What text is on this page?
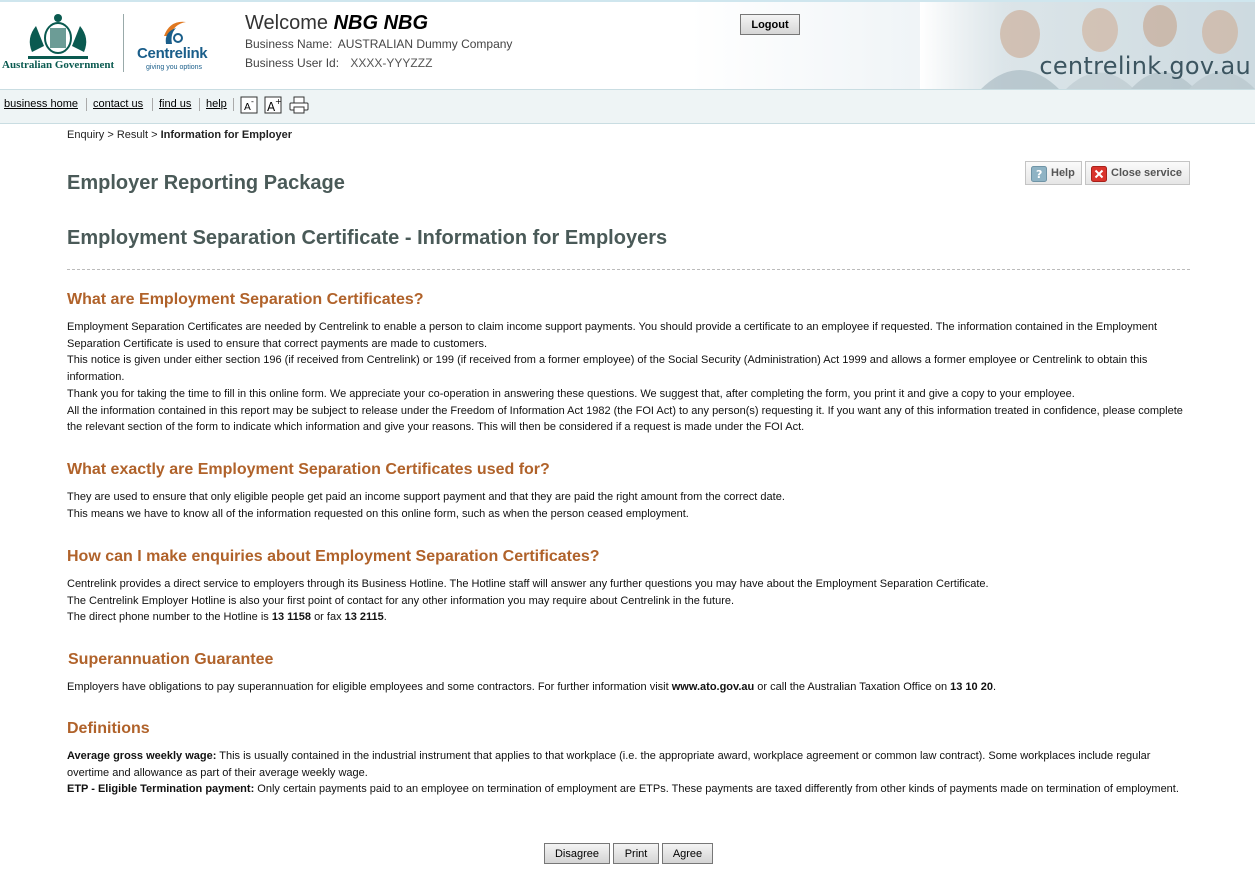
Australian Government
Centrelink
giving you options
Welcome NBG NBG
Business Name: AUSTRALIAN Dummy Company
Business User Id: XXXX-YYYZZZ
Logout
centrelink.gov.au
business home contact us find us help A
- A +
Enquiry > Result > Information for Employer
? Help	Close service
Employer Reporting Package
Employment Separation Certificate - Information for Employers
What are Employment Separation Certificates?

Employment Separation Certificates are needed by Centrelink to enable a person to claim income support payments. You should provide a certificate to an employee if requested. The information contained in the Employment Separation Certificate is used to ensure that correct payments are made to customers.

This notice is given under either section 196 (if received from Centrelink) or 199 (if received from a former employee) of the Social Security (Administration) Act 1999 and allows a former employee or Centrelink to obtain this information.

Thank you for taking the time to fill in this online form. We appreciate your co-operation in answering these questions. We suggest that, after completing the form, you print it and give a copy to your employee.

All the information contained in this report may be subject to release under the Freedom of Information Act 1982 (the FOI Act) to any person(s) requesting it. If you want any of this information treated in confidence, please complete the relevant section of the form to indicate which information and give your reasons. This will then be considered if a request is made under the FOI Act.

What exactly are Employment Separation Certificates used for?

They are used to ensure that only eligible people get paid an income support payment and that they are paid the right amount from the correct date.

This means we have to know all of the information requested on this online form, such as when the person ceased employment.

How can I make enquiries about Employment Separation Certificates?

Centrelink provides a direct service to employers through its Business Hotline. The Hotline staff will answer any further questions you may have about the Employment Separation Certificate.

The Centrelink Employer Hotline is also your first point of contact for any other information you may require about Centrelink in the future.

The direct phone number to the Hotline is 13 1158 or fax 13 2115.

Superannuation Guarantee

Employers have obligations to pay superannuation for eligible employees and some contractors. For further information visit www.ato.gov.au or call the Australian Taxation Office on 13 10 20.

Definitions

Average gross weekly wage: This is usually contained in the industrial instrument that applies to that workplace (i.e. the appropriate award, workplace agreement or common law contract). Some workplaces include regular overtime and allowance as part of their average weekly wage.

ETP - Eligible Termination payment: Only certain payments paid to an employee on termination of employment are ETPs. These payments are taxed differently from other kinds of payments made on termination of employment.

Disagree	Print	Agree
